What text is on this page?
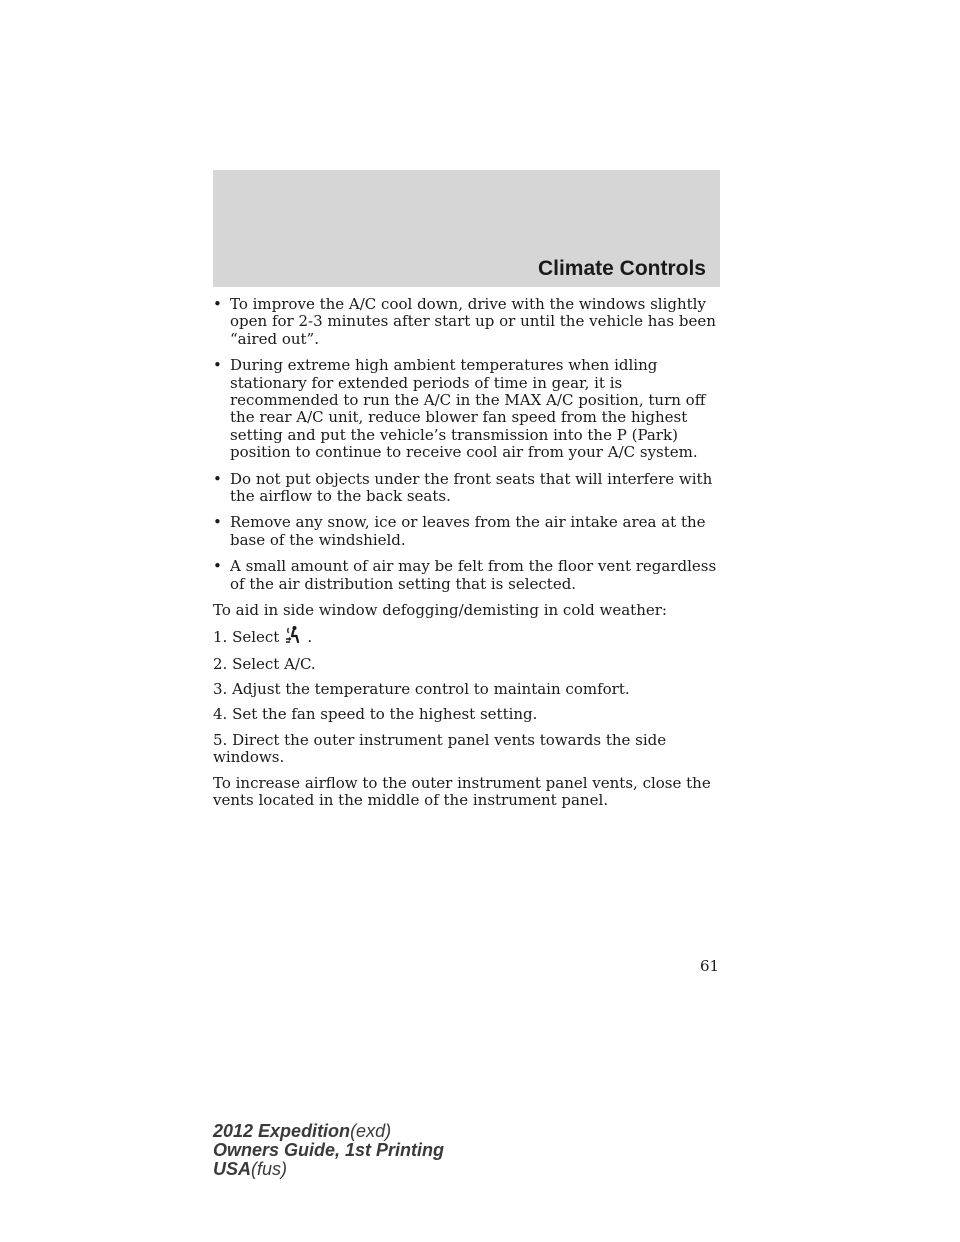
Climate Controls
• To improve the A/C cool down, drive with the windows slightly open for 2-3 minutes after start up or until the vehicle has been “aired out”.
• During extreme high ambient temperatures when idling stationary for extended periods of time in gear, it is recommended to run the A/C in the MAX A/C position, turn off the rear A/C unit, reduce blower fan speed from the highest setting and put the vehicle’s transmission into the P (Park) position to continue to receive cool air from your A/C system.
• Do not put objects under the front seats that will interfere with the airflow to the back seats.
• Remove any snow, ice or leaves from the air intake area at the base of the windshield.
• A small amount of air may be felt from the floor vent regardless of the air distribution setting that is selected.

To aid in side window defogging/demisting in cold weather:

1. Select .

2. Select A/C.

3. Adjust the temperature control to maintain comfort.

4. Set the fan speed to the highest setting.

5. Direct the outer instrument panel vents towards the side windows.

To increase airflow to the outer instrument panel vents, close the vents located in the middle of the instrument panel.

61
2012 Expedition(exd)
Owners Guide, 1st Printing
USA(fus)
